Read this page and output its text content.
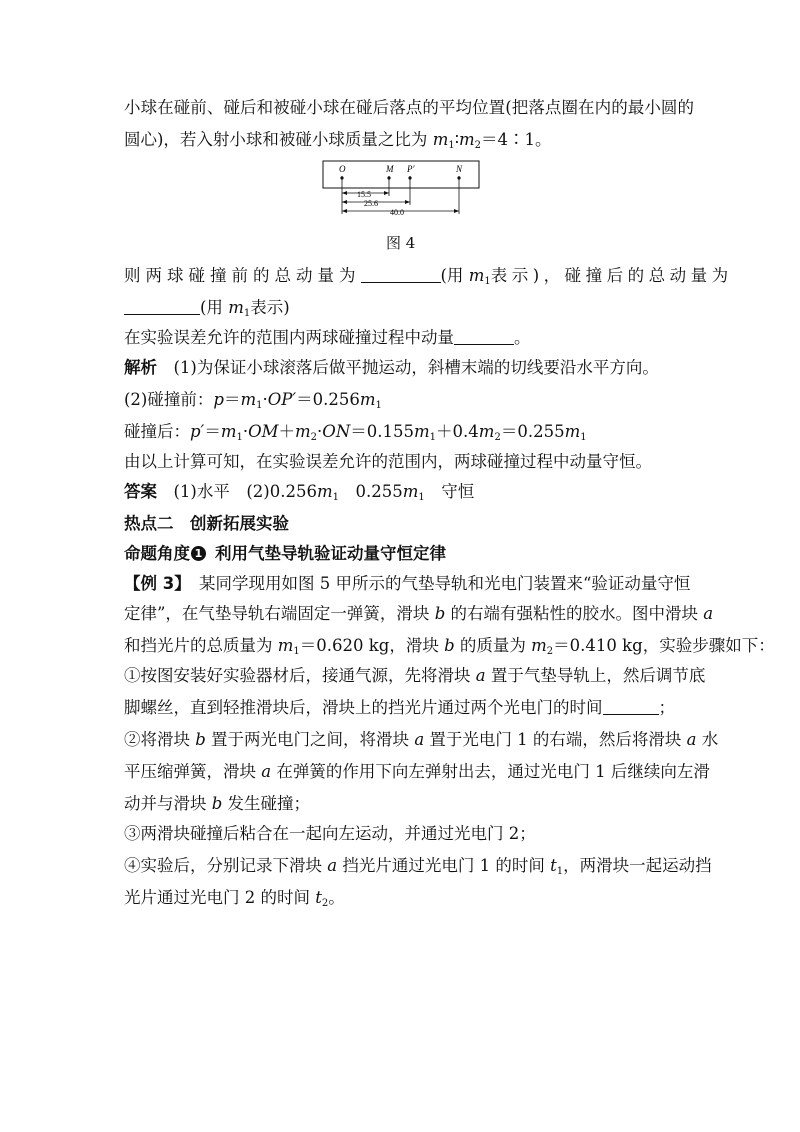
小球在碰前、碰后和被碰小球在碰后落点的平均位置(把落点圈在内的最小圆的
圆心)，若入射小球和被碰小球质量之比为 $m_1∶m_2=4∶1$。
O	M P′	N
15.5
25.6
40.0
图 4
则两球碰撞前的总动量为	(用 $m_1$表示)，碰撞后的总动量为
(用 $m_1$表示)
在实验误差允许的范围内两球碰撞过程中动量	。
解析　 (1)为保证小球滚落后做平抛运动，斜槽末端的切线要沿水平方向。
(2)碰撞前：$p=m_1\cdot OP'=0.256m_1$
碰撞后：$p'=m_1\cdot OM+m_2\cdot ON=0.155m_1+0.4m_2=0.255m_1$
由以上计算可知，在实验误差允许的范围内，两球碰撞过程中动量守恒。
答案　 (1)水平　$(2)0.256m_1$　$0.255m_1$　守恒
热点二　创新拓展实验
命题角度 1 利用气垫导轨验证动量守恒定律
【例 3】　某同学现用如图 5 甲所示的气垫导轨和光电门装置来“验证动量守恒
定律”，在气垫导轨右端固定一弹簧，滑块 b 的右端有强粘性的胶水。图中滑块 a
和挡光片的总质量为 $m_1=0.620$ kg，滑块 b 的质量为 $m_2=0.410$ kg，实验步骤如下：
①按图安装好实验器材后，接通气源，先将滑块 a 置于气垫导轨上，然后调节底
脚螺丝，直到轻推滑块后，滑块上的挡光片通过两个光电门的时间	；
②将滑块 b 置于两光电门之间，将滑块 a 置于光电门 1 的右端，然后将滑块 a 水
平压缩弹簧，滑块 a 在弹簧的作用下向左弹射出去，通过光电门 1 后继续向左滑
动并与滑块 b 发生碰撞；
③两滑块碰撞后粘合在一起向左运动，并通过光电门 2；
④实验后，分别记录下滑块 a 挡光片通过光电门 1 的时间 $t_1$，两滑块一起运动挡
光片通过光电门 2 的时间 $t_2$。
